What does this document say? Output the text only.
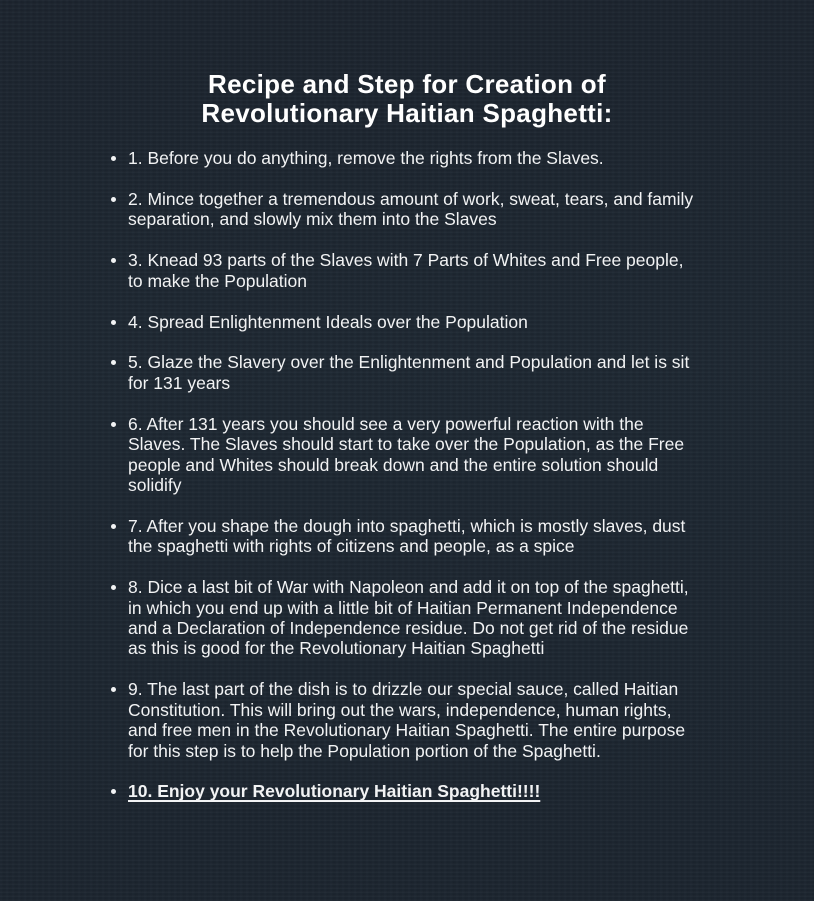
Recipe and Step for Creation of
Revolutionary Haitian Spaghetti:
1. Before you do anything, remove the rights from the Slaves.
2. Mince together a tremendous amount of work, sweat, tears, and family separation, and slowly mix them into the Slaves
3. Knead 93 parts of the Slaves with 7 Parts of Whites and Free people, to make the Population
4. Spread Enlightenment Ideals over the Population
5. Glaze the Slavery over the Enlightenment and Population and let is sit for 131 years
6. After 131 years you should see a very powerful reaction with the Slaves. The Slaves should start to take over the Population, as the Free people and Whites should break down and the entire solution should solidify
7. After you shape the dough into spaghetti, which is mostly slaves, dust the spaghetti with rights of citizens and people, as a spice
8. Dice a last bit of War with Napoleon and add it on top of the spaghetti, in which you end up with a little bit of Haitian Permanent Independence and a Declaration of Independence residue. Do not get rid of the residue as this is good for the Revolutionary Haitian Spaghetti
9. The last part of the dish is to drizzle our special sauce, called Haitian Constitution. This will bring out the wars, independence, human rights, and free men in the Revolutionary Haitian Spaghetti. The entire purpose for this step is to help the Population portion of the Spaghetti.
10. Enjoy your Revolutionary Haitian Spaghetti!!!!
